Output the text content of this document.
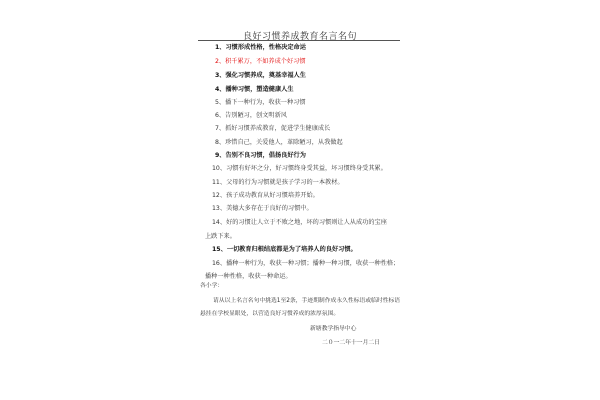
良好习惯养成教育名言名句
1、习惯形成性格，性格决定命运
2、积千累万，不如养成个好习惯
3、强化习惯养成，奠基幸福人生
4、播种习惯，塑造健康人生
5、播下一种行为，收获一种习惯
6、告别陋习，创文明新风
7、抓好习惯养成教育，促进学生健康成长
8、珍惜自己，关爱他人，革除陋习，从我做起
9、告别不良习惯，倡扬良好行为
10、习惯有好坏之分，好习惯终身受其益，坏习惯终身受其累。
11、父母的行为习惯就是孩子学习的一本教材。
12、孩子成功教育从好习惯培养开始。
13、美德大多存在于良好的习惯中。
14、好的习惯让人立于不败之地，坏的习惯则让人从成功的宝座
上跌下来。
15、一切教育归根结底都是为了培养人的良好习惯。
16、播种一种行为，收获一种习惯；播种一种习惯，收获一种性格；
播种一种性格，收获一种命运。
各小学：
请从以上名言名句中挑选1至2条，手迹期制作成永久性标语或临时性标语
悬挂在学校显眼处，以营造良好习惯养成的浓厚氛围。
新塘教学指导中心
二０一二年十一月二日
